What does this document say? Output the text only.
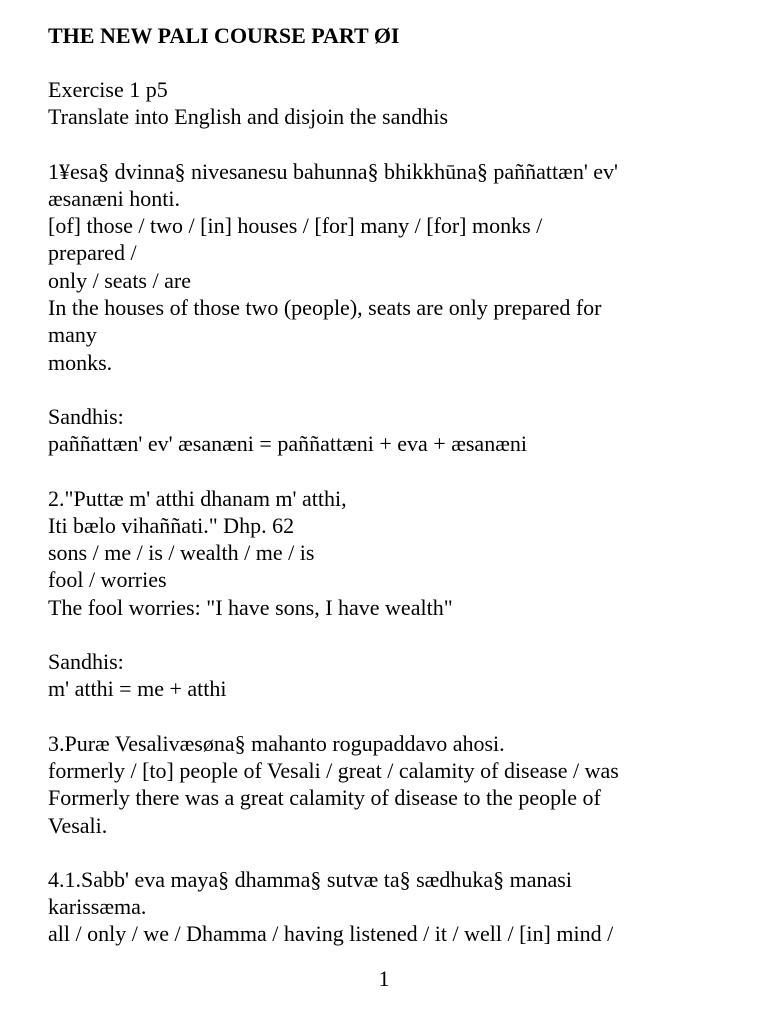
THE NEW PALI COURSE PART ØI
Exercise 1 p5
Translate into English and disjoin the sandhis
1¥esa§ dvinna§ nivesanesu bahunna§ bhikkhūna§ paññattæn' ev'
æsanæni honti.
[of] those / two / [in] houses / [for] many / [for] monks /
prepared /
only / seats / are
In the houses of those two (people), seats are only prepared for
many
monks.
Sandhis:
paññattæn' ev' æsanæni = paññattæni + eva + æsanæni
2."Puttæ m' atthi dhanam m' atthi,
Iti bælo vihaññati." Dhp. 62
sons / me / is / wealth / me / is
fool / worries
The fool worries: "I have sons, I have wealth"
Sandhis:
m' atthi = me + atthi
3.Puræ Vesalivæsøna§ mahanto rogupaddavo ahosi.
formerly / [to] people of Vesali / great / calamity of disease / was
Formerly there was a great calamity of disease to the people of
Vesali.
4.1.Sabb' eva maya§ dhamma§ sutvæ ta§ sædhuka§ manasi
karissæma.
all / only / we / Dhamma / having listened / it / well / [in] mind /
1
